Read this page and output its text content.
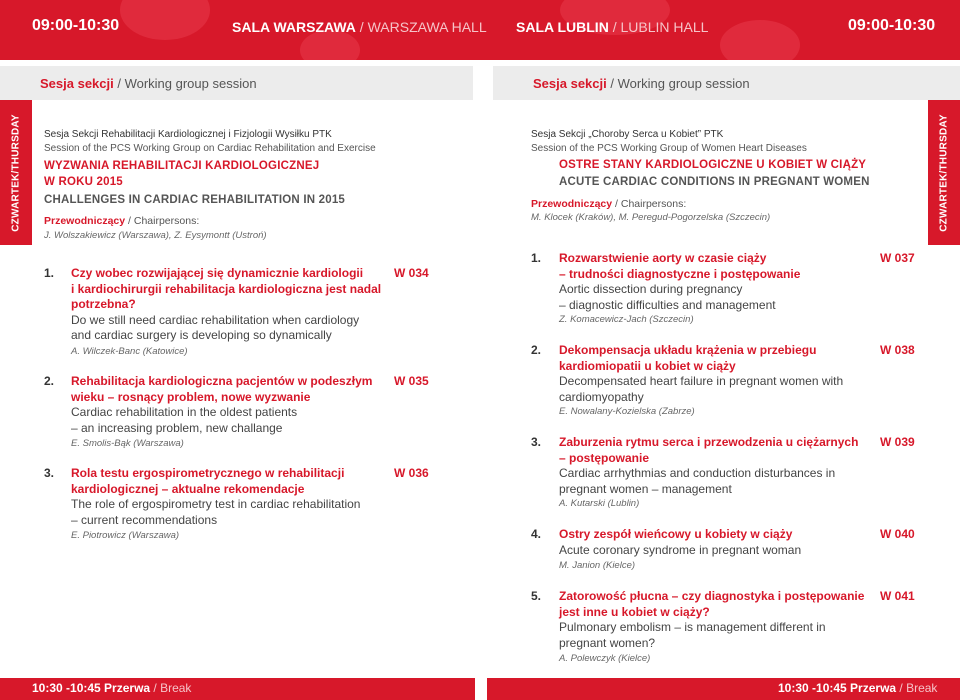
09:00-10:30	SALA WARSZAWA / WARSZAWA HALL SALA LUBLIN / LUBLIN HALL	09:00-10:30
Sesja sekcji / Working group session	Sesja sekcji / Working group session
CZWARTEK/THURSDAY	CZWARTEK/THURSDAY
Sesja Sekcji Rehabilitacji Kardiologicznej i Fizjologii Wysiłku PTK
Session of the PCS Working Group on Cardiac Rehabilitation and Exercise
WYZWANIA REHABILITACJI KARDIOLOGICZNEJ
W ROKU 2015
CHALLENGES IN CARDIAC REHABILITATION IN 2015
Przewodniczący / Chairpersons:
J. Wolszakiewicz (Warszawa), Z. Eysymontt (Ustroń)
1. Czy wobec rozwijającej się dynamicznie kardiologii
i kardiochirurgii rehabilitacja kardiologiczna jest nadal
potrzebna?
Do we still need cardiac rehabilitation when cardiology
and cardiac surgery is developing so dynamically
A. Wilczek-Banc (Katowice)
W 034
2. Rehabilitacja kardiologiczna pacjentów w podeszłym
wieku – rosnący problem, nowe wyzwanie
Cardiac rehabilitation in the oldest patients
– an increasing problem, new challange
E. Smolis-Bąk (Warszawa)
W 035
3. Rola testu ergospirometrycznego w rehabilitacji
kardiologicznej – aktualne rekomendacje
The role of ergospirometry test in cardiac rehabilitation
– current recommendations
E. Piotrowicz (Warszawa)
W 036
Sesja Sekcji „Choroby Serca u Kobiet” PTK
Session of the PCS Working Group of Women Heart Diseases
OSTRE STANY KARDIOLOGICZNE U KOBIET W CIĄŻY
ACUTE CARDIAC CONDITIONS IN PREGNANT WOMEN
Przewodniczący / Chairpersons:
M. Klocek (Kraków), M. Peregud-Pogorzelska (Szczecin)
1. Rozwarstwienie aorty w czasie ciąży
– trudności diagnostyczne i postępowanie
Aortic dissection during pregnancy
– diagnostic difficulties and management
Z. Komacewicz-Jach (Szczecin)
W 037
2. Dekompensacja układu krążenia w przebiegu
kardiomiopatii u kobiet w ciąży
Decompensated heart failure in pregnant women with
cardiomyopathy
E. Nowalany-Kozielska (Zabrze)
W 038
3. Zaburzenia rytmu serca i przewodzenia u ciężarnych
– postępowanie
Cardiac arrhythmias and conduction disturbances in
pregnant women – management
A. Kutarski (Lublin)
W 039
4. Ostry zespół wieńcowy u kobiety w ciąży
Acute coronary syndrome in pregnant woman
M. Janion (Kielce)
W 040
5. Zatorowość płucna – czy diagnostyka i postępowanie
jest inne u kobiet w ciąży?
Pulmonary embolism – is management different in
pregnant women?
A. Polewczyk (Kielce)
W 041
10:30 -10:45 Przerwa / Break	10:30 -10:45 Przerwa / Break
